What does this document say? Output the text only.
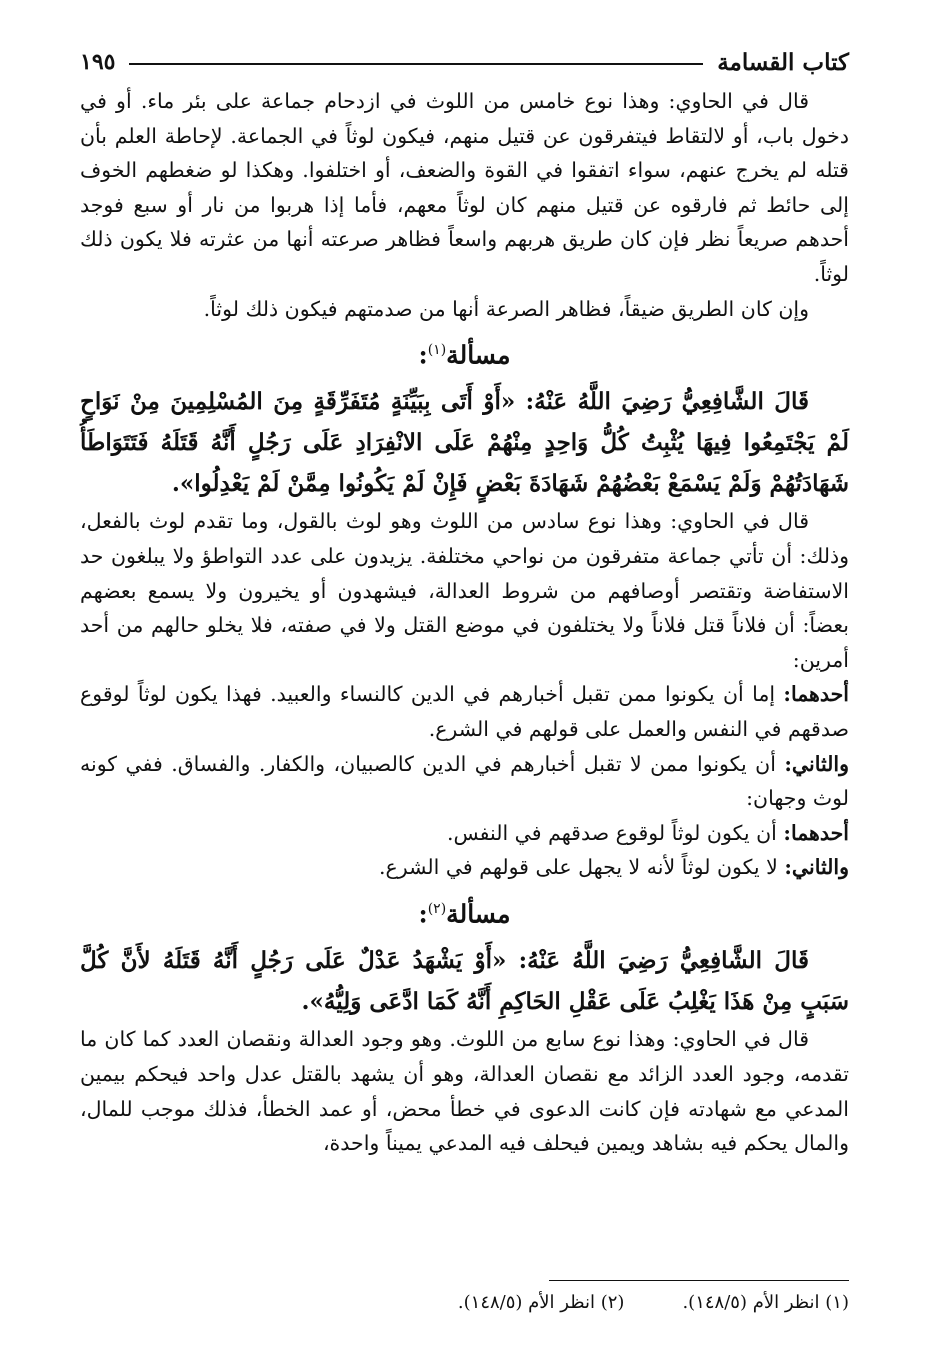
كتاب القسامة
١٩٥

قال في الحاوي: وهذا نوع خامس من اللوث في ازدحام جماعة على بئر ماء. أو في دخول باب، أو لالتقاط فيتفرقون عن قتيل منهم، فيكون لوثاً في الجماعة. لإحاطة العلم بأن قتله لم يخرج عنهم، سواء اتفقوا في القوة والضعف، أو اختلفوا. وهكذا لو ضغطهم الخوف إلى حائط ثم فارقوه عن قتيل منهم كان لوثاً معهم، فأما إذا هربوا من نار أو سبع فوجد أحدهم صريعاً نظر فإن كان طريق هربهم واسعاً فظاهر صرعته أنها من عثرته فلا يكون ذلك لوثاً.

وإن كان الطريق ضيقاً، فظاهر الصرعة أنها من صدمتهم فيكون ذلك لوثاً.

مسألة$^{(١)}$:

قَالَ الشَّافِعِيُّ رَضِيَ اللَّهُ عَنْهُ: «أَوْ أَتَى بِبَيِّنَةٍ مُتَفَرِّقَةٍ مِنَ المُسْلِمِينَ مِنْ نَوَاحٍ لَمْ يَجْتَمِعُوا فِيهَا يُثْبِتُ كُلُّ وَاحِدٍ مِنْهُمْ عَلَى الانْفِرَادِ عَلَى رَجُلٍ أَنَّهُ قَتَلَهُ فَتَتَوَاطَأُ شَهَادَتُهُمْ وَلَمْ يَسْمَعْ بَعْضُهُمْ شَهَادَةَ بَعْضٍ فَإِنْ لَمْ يَكُونُوا مِمَّنْ لَمْ يَعْدِلُوا».

قال في الحاوي: وهذا نوع سادس من اللوث وهو لوث بالقول، وما تقدم لوث بالفعل، وذلك: أن تأتي جماعة متفرقون من نواحي مختلفة. يزيدون على عدد التواطؤ ولا يبلغون حد الاستفاضة وتقتصر أوصافهم من شروط العدالة، فيشهدون أو يخيرون ولا يسمع بعضهم بعضاً: أن فلاناً قتل فلاناً ولا يختلفون في موضع القتل ولا في صفته، فلا يخلو حالهم من أحد أمرين:

أحدهما: إما أن يكونوا ممن تقبل أخبارهم في الدين كالنساء والعبيد. فهذا يكون لوثاً لوقوع صدقهم في النفس والعمل على قولهم في الشرع.

والثاني: أن يكونوا ممن لا تقبل أخبارهم في الدين كالصبيان، والكفار. والفساق. ففي كونه لوث وجهان:

أحدهما: أن يكون لوثاً لوقوع صدقهم في النفس.

والثاني: لا يكون لوثاً لأنه لا يجهل على قولهم في الشرع.

مسألة$^{(٢)}$:

قَالَ الشَّافِعِيُّ رَضِيَ اللَّهُ عَنْهُ: «أَوْ يَشْهَدُ عَدْلٌ عَلَى رَجُلٍ أَنَّهُ قَتَلَهُ لأَنَّ كُلَّ سَبَبٍ مِنْ هَذَا يَغْلِبُ عَلَى عَقْلِ الحَاكِمِ أَنَّهُ كَمَا ادَّعَى وَلِيُّهُ».

قال في الحاوي: وهذا نوع سابع من اللوث. وهو وجود العدالة ونقصان العدد كما كان ما تقدمه، وجود العدد الزائد مع نقصان العدالة، وهو أن يشهد بالقتل عدل واحد فيحكم بيمين المدعي مع شهادته فإن كانت الدعوى في خطأ محض، أو عمد الخطأ، فذلك موجب للمال، والمال يحكم فيه بشاهد ويمين فيحلف فيه المدعي يميناً واحدة،

(١) انظر الأم (١٤٨/٥).
(٢) انظر الأم (١٤٨/٥).
